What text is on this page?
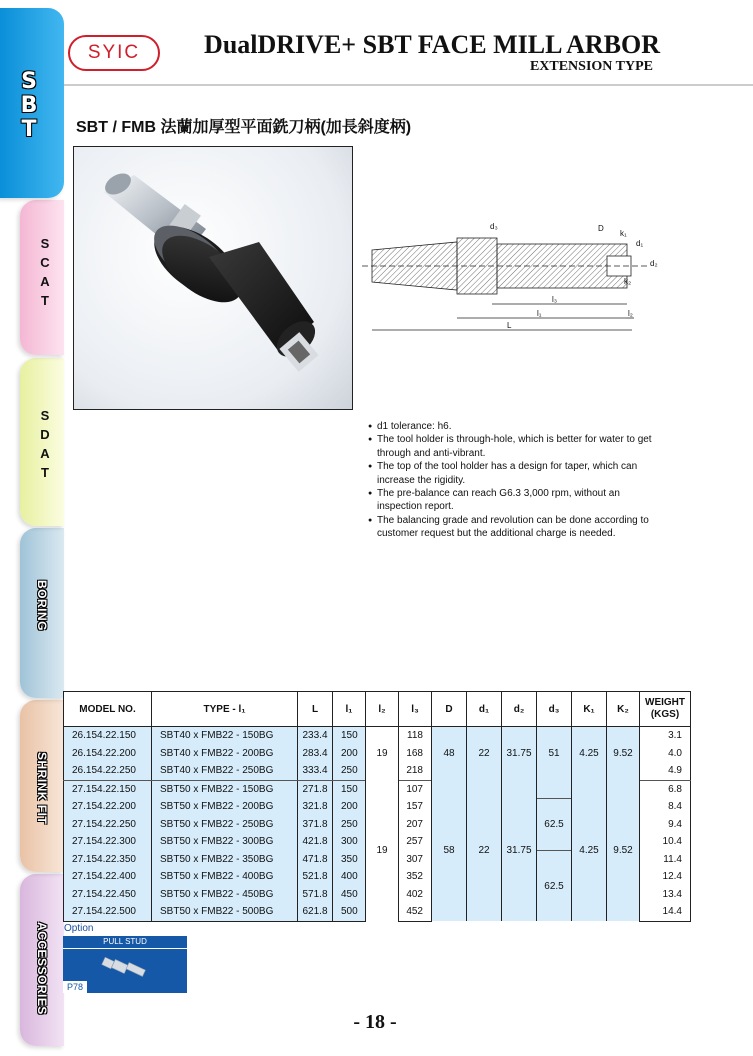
ACCESSORIES
SHRINK FIT
BORING
S
D
A
T
S
C
A
T
S
B
T
SYIC	DualDRIVE+ SBT FACE MILL ARBOR
EXTENSION TYPE
SBT / FMB 法蘭加厚型平面銑刀柄(加長斜度柄)
d₃	D
k₁
d₁
d₂
k₂
l₃
l₁	l₂
L
● d1 tolerance: h6.
● The tool holder is through-hole, which is better for water to get through and anti-vibrant.
● The top of the tool holder has a design for taper, which can increase the rigidity.
● The pre-balance can reach G6.3 3,000 rpm, without an inspection report.
● The balancing grade and revolution can be done according to customer request but the additional charge is needed.
MODEL NO.	TYPE - l₁	L	l₁	l₂	l₃	D	d₁	d₂	d₃	K₁	K₂	WEIGHT (KGS)
26.154.22.150	SBT40 x FMB22 - 150BG	233.4	150	19	118	48	22	31.75	51	4.25	9.52	3.1
26.154.22.200	SBT40 x FMB22 - 200BG	283.4	200		168							4.0
26.154.22.250	SBT40 x FMB22 - 250BG	333.4	250		218							4.9
27.154.22.150	SBT50 x FMB22 - 150BG	271.8	150	19	107	58	22	31.75		4.25	9.52	6.8
27.154.22.200	SBT50 x FMB22 - 200BG	321.8	200		157				62.5			8.4
27.154.22.250	SBT50 x FMB22 - 250BG	371.8	250		207							9.4
27.154.22.300	SBT50 x FMB22 - 300BG	421.8	300		257							10.4
27.154.22.350	SBT50 x FMB22 - 350BG	471.8	350		307				62.5			11.4
27.154.22.400	SBT50 x FMB22 - 400BG	521.8	400		352							12.4
27.154.22.450	SBT50 x FMB22 - 450BG	571.8	450		402							13.4
27.154.22.500	SBT50 x FMB22 - 500BG	621.8	500		452							14.4
Option
PULL STUD
P78
- 18 -
